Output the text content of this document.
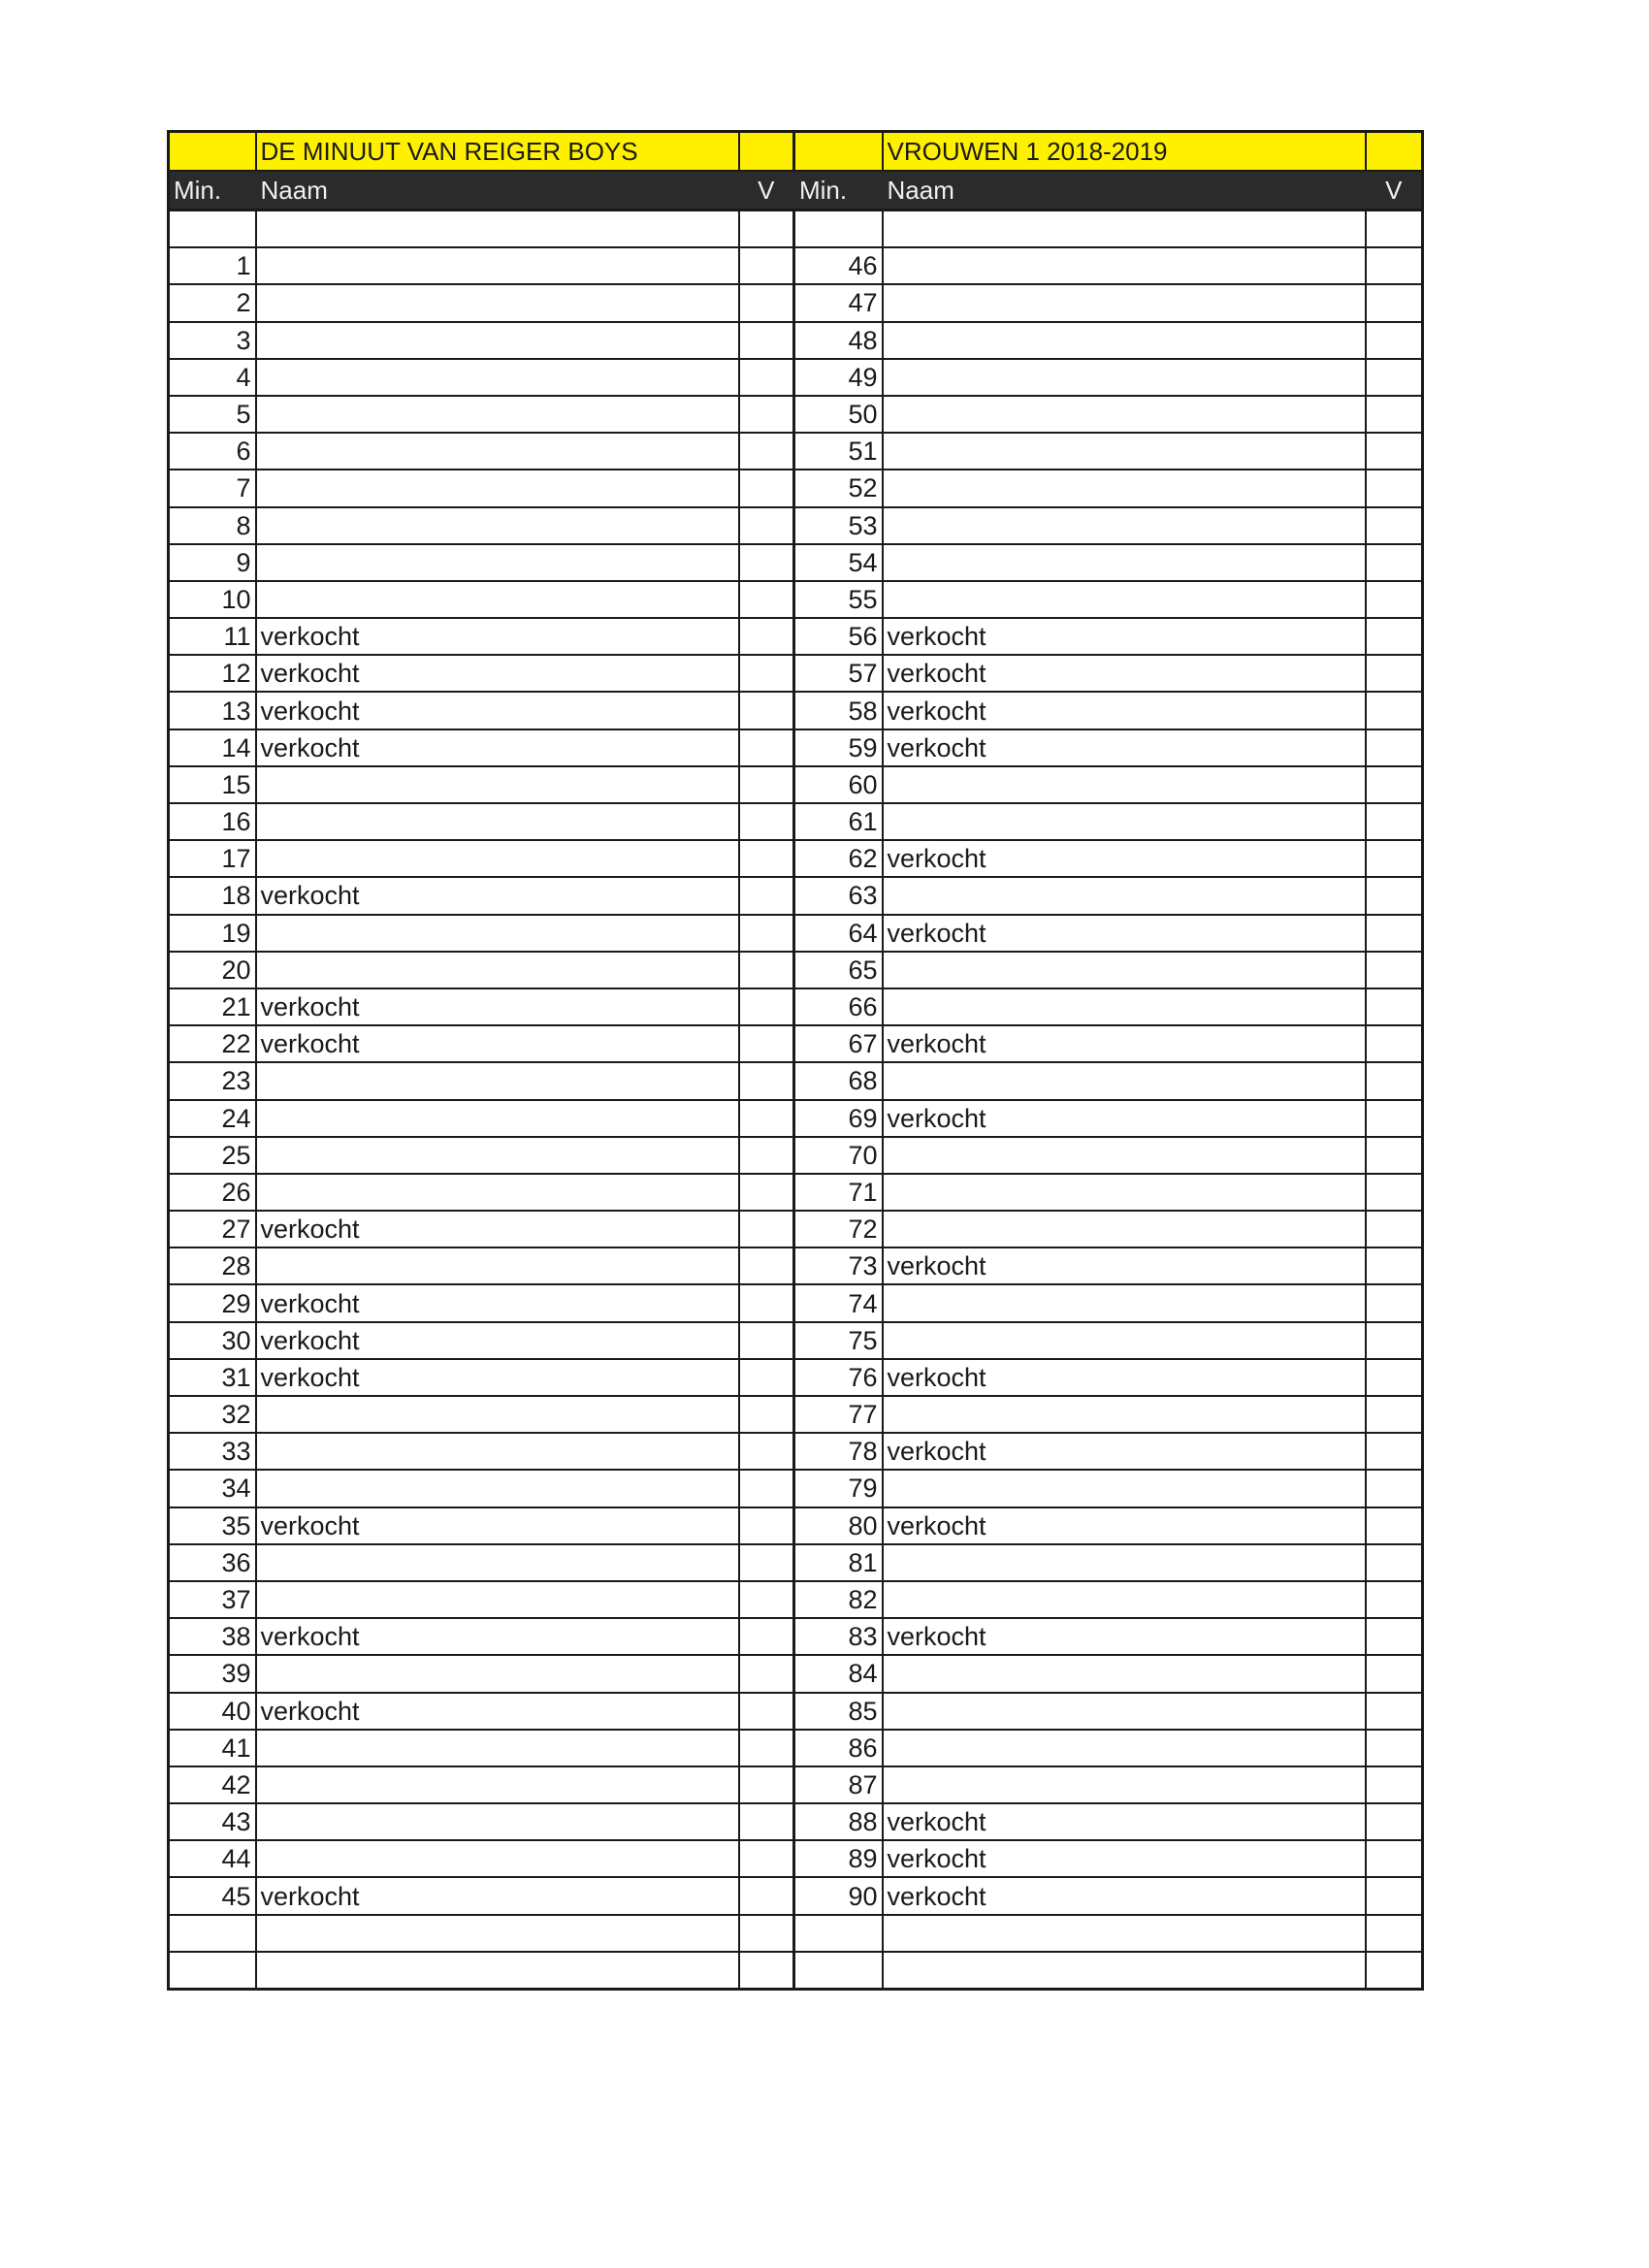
	DE MINUUT VAN REIGER BOYS			VROUWEN 1 2018-2019	
Min.	Naam	V	Min.	Naam	V

1			46		
2			47		
3			48		
4			49		
5			50		
6			51		
7			52		
8			53		
9			54		
10			55		
11	verkocht		56	verkocht	
12	verkocht		57	verkocht	
13	verkocht		58	verkocht	
14	verkocht		59	verkocht	
15			60		
16			61		
17			62	verkocht	
18	verkocht		63		
19			64	verkocht	
20			65		
21	verkocht		66		
22	verkocht		67	verkocht	
23			68		
24			69	verkocht	
25			70		
26			71		
27	verkocht		72		
28			73	verkocht	
29	verkocht		74		
30	verkocht		75		
31	verkocht		76	verkocht	
32			77		
33			78	verkocht	
34			79		
35	verkocht		80	verkocht	
36			81		
37			82		
38	verkocht		83	verkocht	
39			84		
40	verkocht		85		
41			86		
42			87		
43			88	verkocht	
44			89	verkocht	
45	verkocht		90	verkocht	
